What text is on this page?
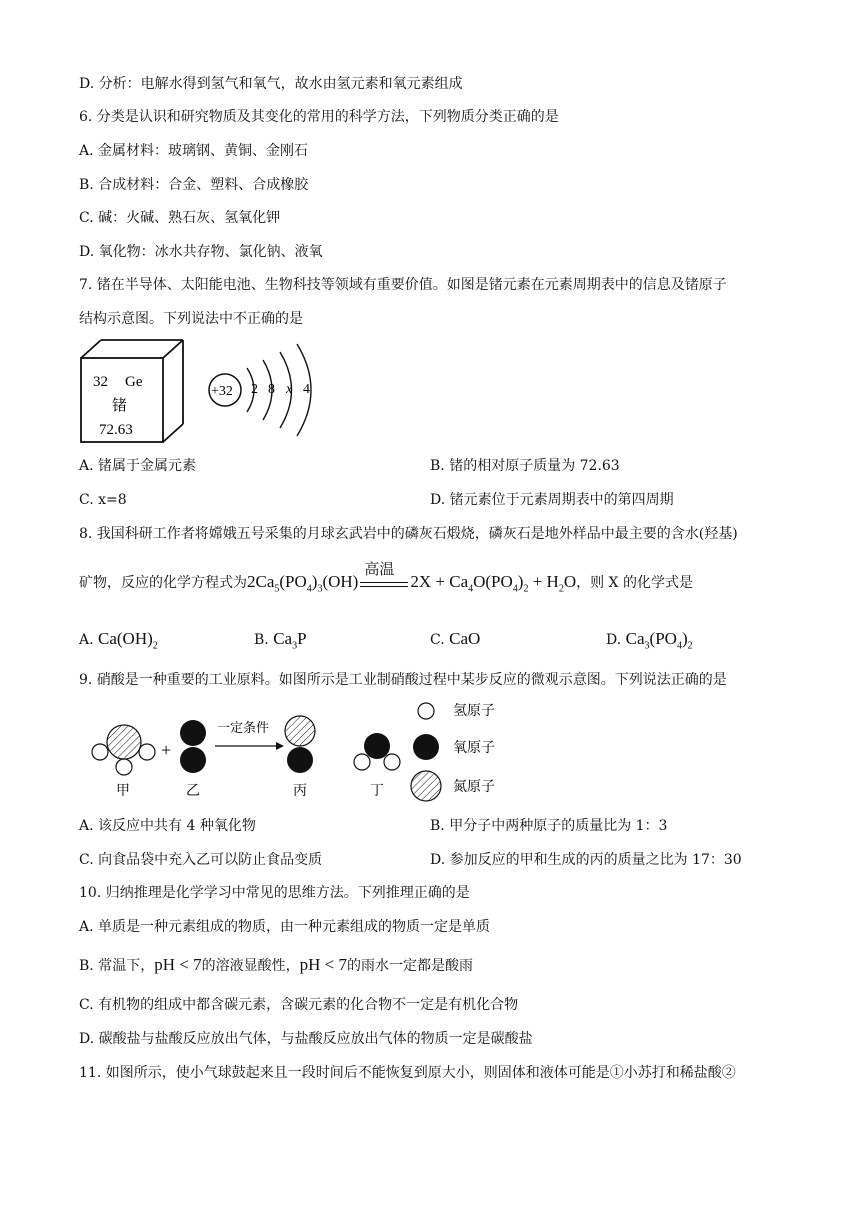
D. 分析：电解水得到氢气和氧气，故水由氢元素和氧元素组成
6. 分类是认识和研究物质及其变化的常用的科学方法，下列物质分类正确的是
A. 金属材料：玻璃钢、黄铜、金刚石
B. 合成材料：合金、塑料、合成橡胶
C. 碱：火碱、熟石灰、氢氧化钾
D. 氧化物：冰水共存物、氯化钠、液氧
7. 锗在半导体、太阳能电池、生物科技等领域有重要价值。如图是锗元素在元素周期表中的信息及锗原子
结构示意图。下列说法中不正确的是
32 Ge
锗
72.63
+32 2 8 x 4
A. 锗属于金属元素	B. 锗的相对原子质量为 72.63
C. x=8	D. 锗元素位于元素周期表中的第四周期
8. 我国科研工作者将嫦娥五号采集的月球玄武岩中的磷灰石煅烧，磷灰石是地外样品中最主要的含水(羟基)
矿物，反应的化学方程式为$2Ca_5(PO_4)_3(OH)$
高温
$2X + Ca_4O(PO_4)_2 + H_2O$，则 X 的化学式是
A. $Ca(OH)_2$	B. $Ca_3P$	C. CaO	D. $Ca_3(PO_4)_2$
9. 硝酸是一种重要的工业原料。如图所示是工业制硝酸过程中某步反应的微观示意图。下列说法正确的是
+
一定条件
甲	乙	丙	丁
氢原子
氧原子
氮原子
A. 该反应中共有 4 种氧化物	B. 甲分子中两种原子的质量比为 1：3
C. 向食品袋中充入乙可以防止食品变质	D. 参加反应的甲和生成的丙的质量之比为 17：30
10. 归纳推理是化学学习中常见的思维方法。下列推理正确的是
A. 单质是一种元素组成的物质，由一种元素组成的物质一定是单质
B. 常温下，pH < 7的溶液显酸性，pH < 7的雨水一定都是酸雨
C. 有机物的组成中都含碳元素，含碳元素的化合物不一定是有机化合物
D. 碳酸盐与盐酸反应放出气体，与盐酸反应放出气体的物质一定是碳酸盐
11. 如图所示，使小气球鼓起来且一段时间后不能恢复到原大小，则固体和液体可能是①小苏打和稀盐酸②
